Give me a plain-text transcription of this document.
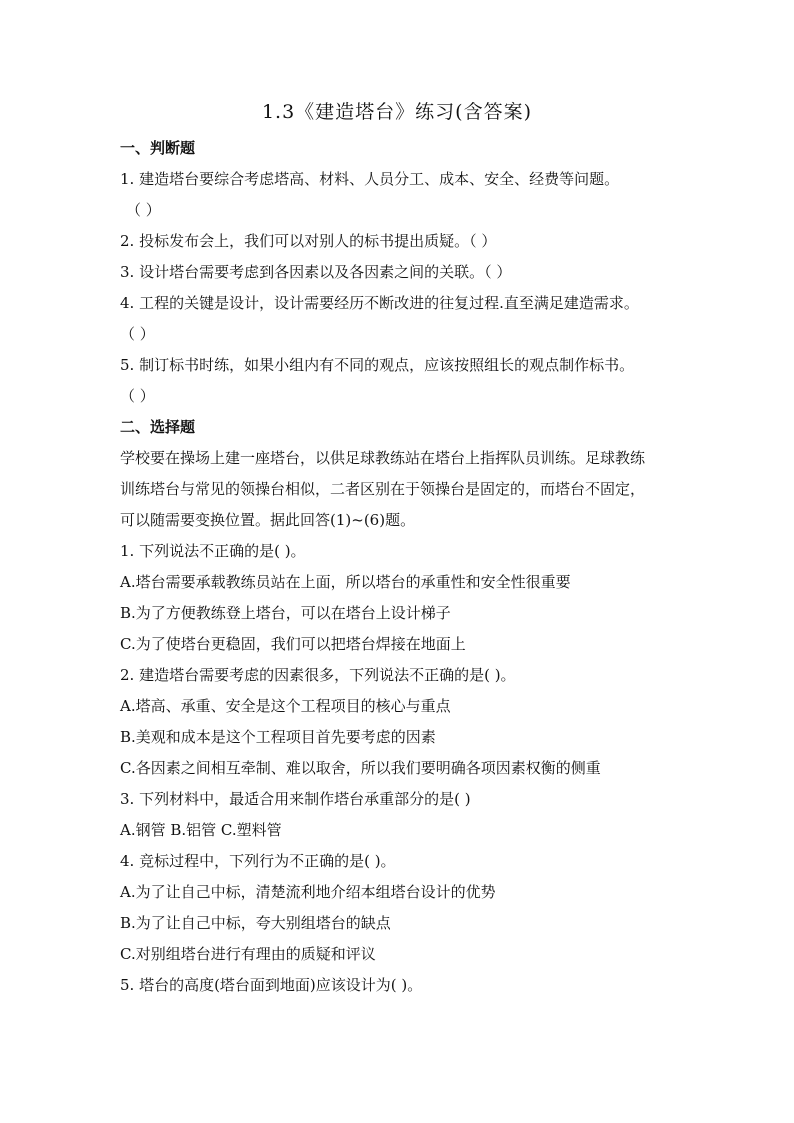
1.3《建造塔台》练习(含答案)
一、判断题
1. 建造塔台要综合考虑塔高、材料、人员分工、成本、安全、经费等问题。
（ ）
2. 投标发布会上，我们可以对别人的标书提出质疑。（ ）
3. 设计塔台需要考虑到各因素以及各因素之间的关联。（ ）
4. 工程的关键是设计，设计需要经历不断改进的往复过程.直至满足建造需求。
（ ）
5. 制订标书时练，如果小组内有不同的观点，应该按照组长的观点制作标书。
（ ）
二、选择题
学校要在操场上建一座塔台，以供足球教练站在塔台上指挥队员训练。足球教练
训练塔台与常见的领操台相似，二者区别在于领操台是固定的，而塔台不固定，
可以随需要变换位置。据此回答(1)~(6)题。
1. 下列说法不正确的是( )。
A.塔台需要承载教练员站在上面，所以塔台的承重性和安全性很重要
B.为了方便教练登上塔台，可以在塔台上设计梯子
C.为了使塔台更稳固，我们可以把塔台焊接在地面上
2. 建造塔台需要考虑的因素很多，下列说法不正确的是( )。
A.塔高、承重、安全是这个工程项目的核心与重点
B.美观和成本是这个工程项目首先要考虑的因素
C.各因素之间相互牵制、难以取舍，所以我们要明确各项因素权衡的侧重
3. 下列材料中，最适合用来制作塔台承重部分的是( )
A.钢管 B.铝管 C.塑料管
4. 竞标过程中，下列行为不正确的是( )。
A.为了让自己中标，清楚流利地介绍本组塔台设计的优势
B.为了让自己中标，夸大别组塔台的缺点
C.对别组塔台进行有理由的质疑和评议
5. 塔台的高度(塔台面到地面)应该设计为( )。
